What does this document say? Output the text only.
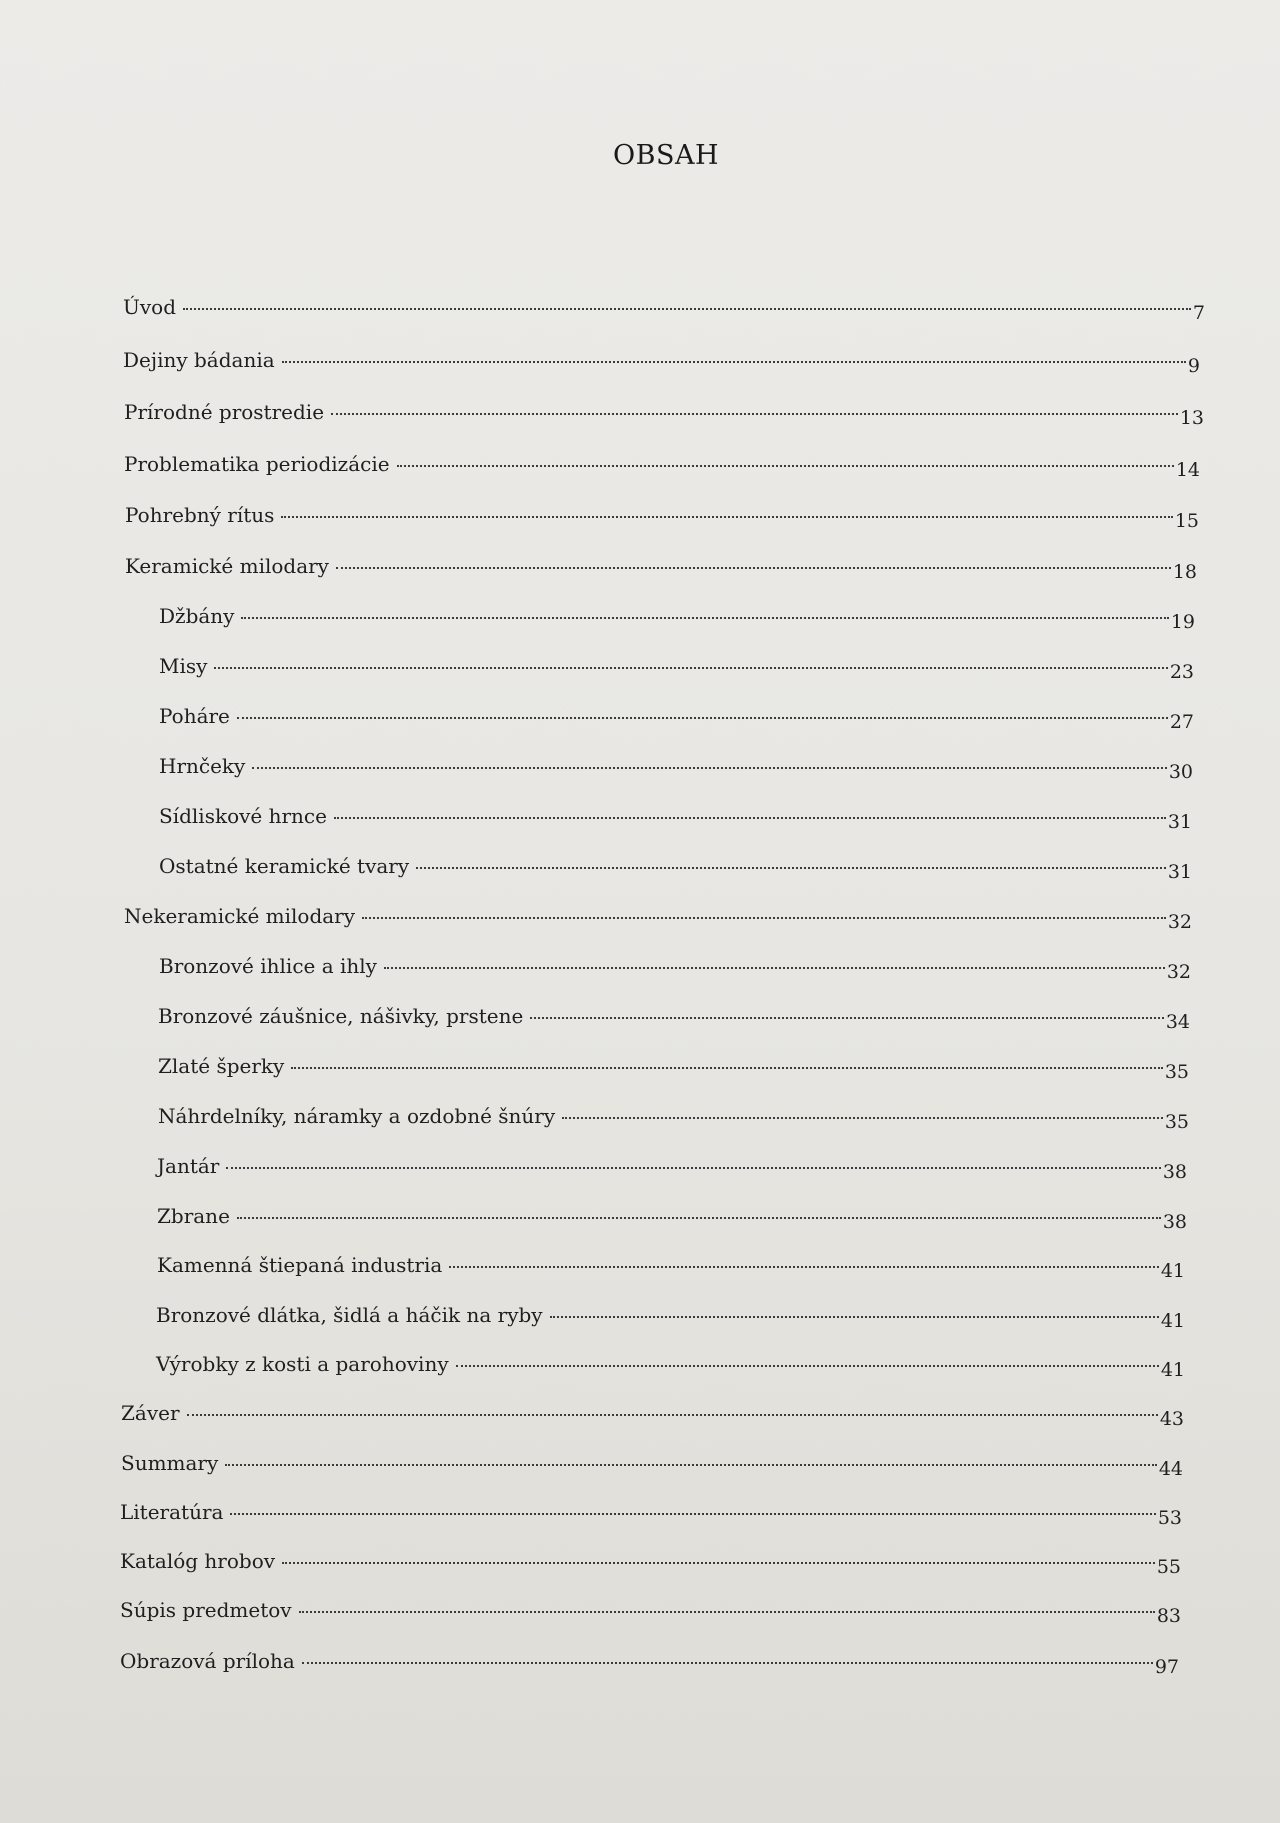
OBSAH
Úvod	7
Dejiny bádania	9
Prírodné prostredie	13
Problematika periodizácie	14
Pohrebný rítus	15
Keramické milodary	18
Džbány	19
Misy	23
Poháre	27
Hrnčeky	30
Sídliskové hrnce	31
Ostatné keramické tvary	31
Nekeramické milodary	32
Bronzové ihlice a ihly	32
Bronzové záušnice, nášivky, prstene	34
Zlaté šperky	35
Náhrdelníky, náramky a ozdobné šnúry	35
Jantár	38
Zbrane	38
Kamenná štiepaná industria	41
Bronzové dlátka, šidlá a háčik na ryby	41
Výrobky z kosti a parohoviny	41
Záver	43
Summary	44
Literatúra	53
Katalóg hrobov	55
Súpis predmetov	83
Obrazová príloha	97
